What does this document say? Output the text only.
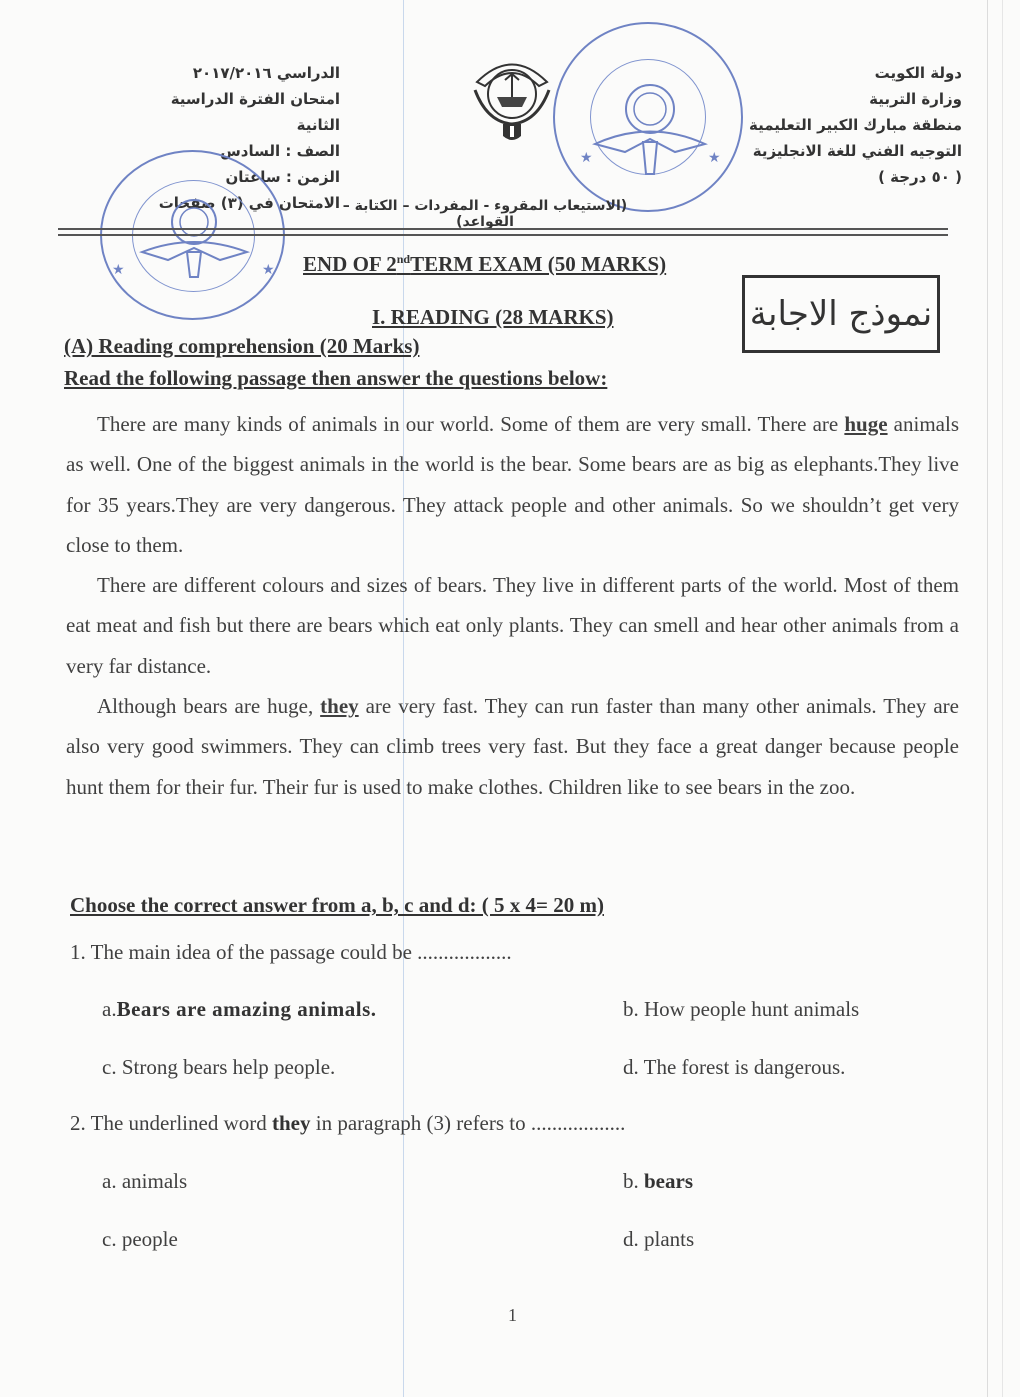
دولة الكويت
وزارة التربية
منطقة مبارك الكبير التعليمية
التوجيه الفني للغة الانجليزية
( ٥٠ درجة )
الدراسي ٢٠١٧/٢٠١٦
امتحان الفترة الدراسية الثانية
الصف : السادس
الزمن : ساعتان
الامتحان في (٣) صفحات
★	★
★	★
(الاستيعاب المقروء - المفردات – الكتابة – القواعد)
END OF 2ndTERM EXAM (50 MARKS)
نموذج الاجابة
I. READING (28 MARKS)
(A) Reading comprehension (20 Marks)
Read the following passage then answer the questions below:

There are many kinds of animals in our world. Some of them are very small. There are huge animals as well. One of the biggest animals in the world is the bear. Some bears are as big as elephants.They live for 35 years.They are very dangerous. They attack people and other animals. So we shouldn’t get very close to them.

There are different colours and sizes of bears. They live in different parts of the world. Most of them eat meat and fish but there are bears which eat only plants. They can smell and hear other animals from a very far distance.

Although bears are huge, they are very fast. They can run faster than many other animals. They are also very good swimmers. They can climb trees very fast. But they face a great danger because people hunt them for their fur. Their fur is used to make clothes. Children like to see bears in the zoo.

Choose the correct answer from a, b, c and d: ( 5 x 4= 20 m)
1. The main idea of the passage could be ..................
a.Bears are amazing animals.	b. How people hunt animals
c. Strong bears help people.	d. The forest is dangerous.
2. The underlined word they in paragraph (3) refers to ..................
a. animals	b. bears
c. people	d. plants
1
